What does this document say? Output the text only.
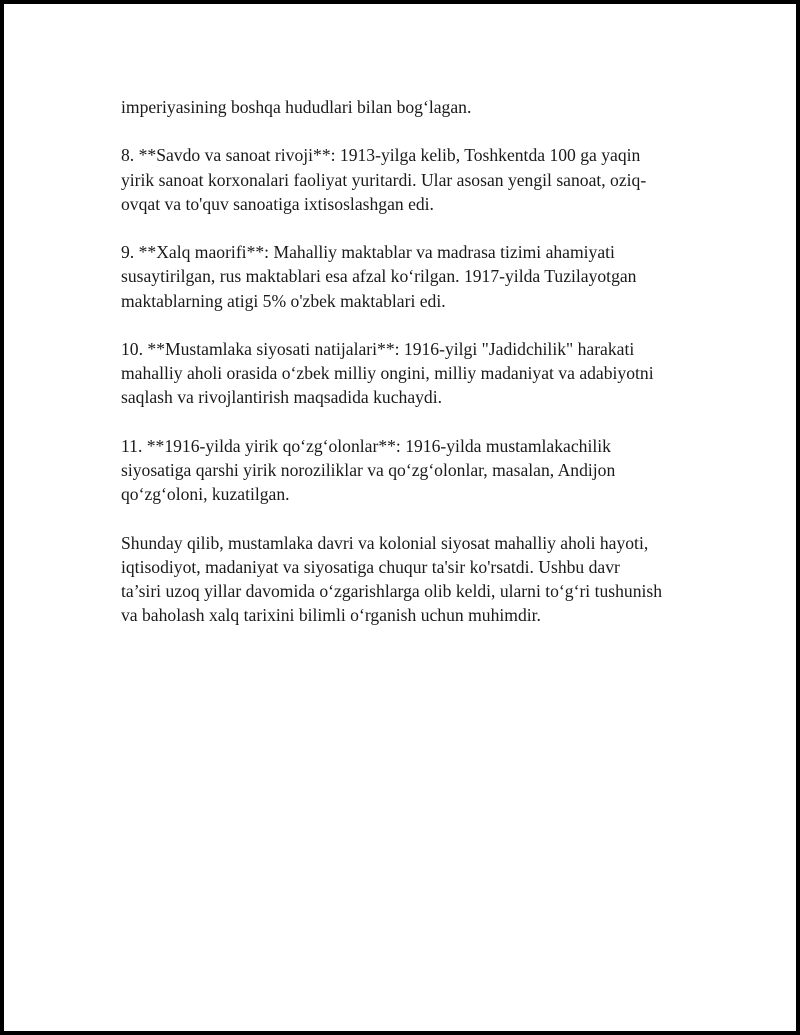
imperiyasining boshqa hududlari bilan bog‘lagan.

8. **Savdo va sanoat rivoji**: 1913-yilga kelib, Toshkentda 100 ga yaqin
yirik sanoat korxonalari faoliyat yuritardi. Ular asosan yengil sanoat, oziq-
ovqat va to'quv sanoatiga ixtisoslashgan edi.

9. **Xalq maorifi**: Mahalliy maktablar va madrasa tizimi ahamiyati
susaytirilgan, rus maktablari esa afzal ko‘rilgan. 1917-yilda Tuzilayotgan
maktablarning atigi 5% o'zbek maktablari edi.

10. **Mustamlaka siyosati natijalari**: 1916-yilgi "Jadidchilik" harakati
mahalliy aholi orasida o‘zbek milliy ongini, milliy madaniyat va adabiyotni
saqlash va rivojlantirish maqsadida kuchaydi.

11. **1916-yilda yirik qo‘zg‘olonlar**: 1916-yilda mustamlakachilik
siyosatiga qarshi yirik noroziliklar va qo‘zg‘olonlar, masalan, Andijon
qo‘zg‘oloni, kuzatilgan.

Shunday qilib, mustamlaka davri va kolonial siyosat mahalliy aholi hayoti,
iqtisodiyot, madaniyat va siyosatiga chuqur ta'sir ko'rsatdi. Ushbu davr
ta’siri uzoq yillar davomida o‘zgarishlarga olib keldi, ularni to‘g‘ri tushunish
va baholash xalq tarixini bilimli o‘rganish uchun muhimdir.
